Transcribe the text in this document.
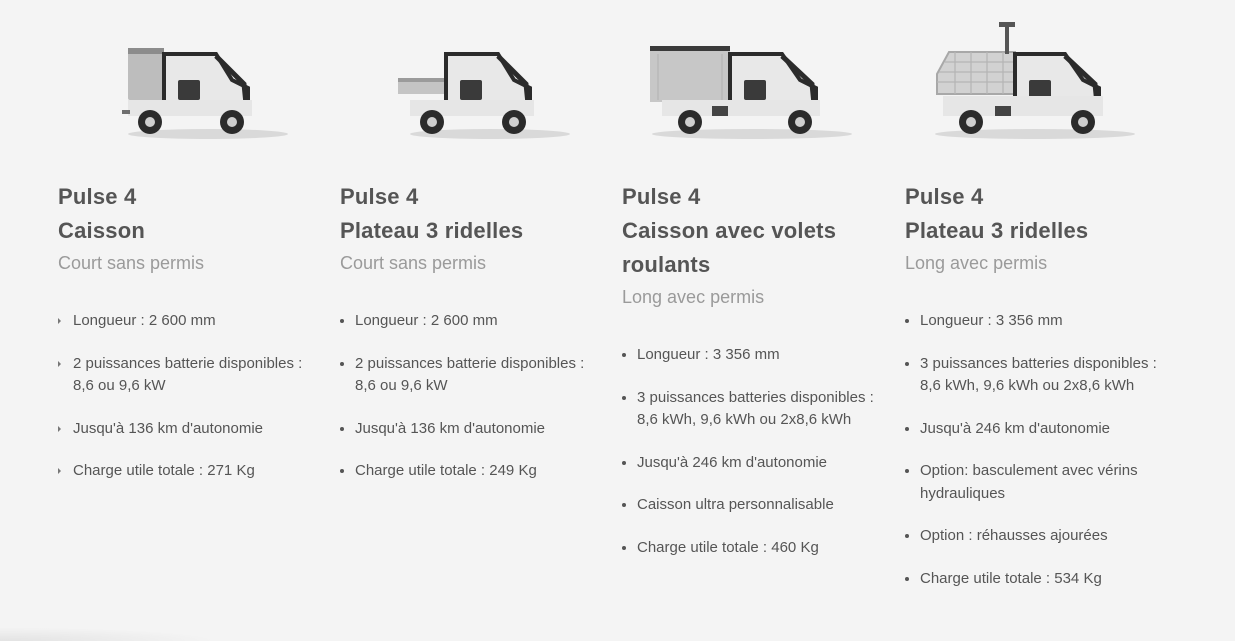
Pulse 4
Caisson

Court sans permis

Longueur : 2 600 mm
2 puissances batterie disponibles : 8,6 ou 9,6 kW
Jusqu'à 136 km d'autonomie
Charge utile totale : 271 Kg
Pulse 4
Plateau 3 ridelles

Court sans permis

Longueur : 2 600 mm
2 puissances batterie disponibles : 8,6 ou 9,6 kW
Jusqu'à 136 km d'autonomie
Charge utile totale : 249 Kg
Pulse 4
Caisson avec volets
roulants

Long avec permis

Longueur : 3 356 mm
3 puissances batteries disponibles : 8,6 kWh, 9,6 kWh ou 2x8,6 kWh
Jusqu'à 246 km d'autonomie
Caisson ultra personnalisable
Charge utile totale : 460 Kg
Pulse 4
Plateau 3 ridelles

Long avec permis

Longueur : 3 356 mm
3 puissances batteries disponibles : 8,6 kWh, 9,6 kWh ou 2x8,6 kWh
Jusqu'à 246 km d'autonomie
Option: basculement avec vérins hydrauliques
Option : réhausses ajourées
Charge utile totale : 534 Kg
